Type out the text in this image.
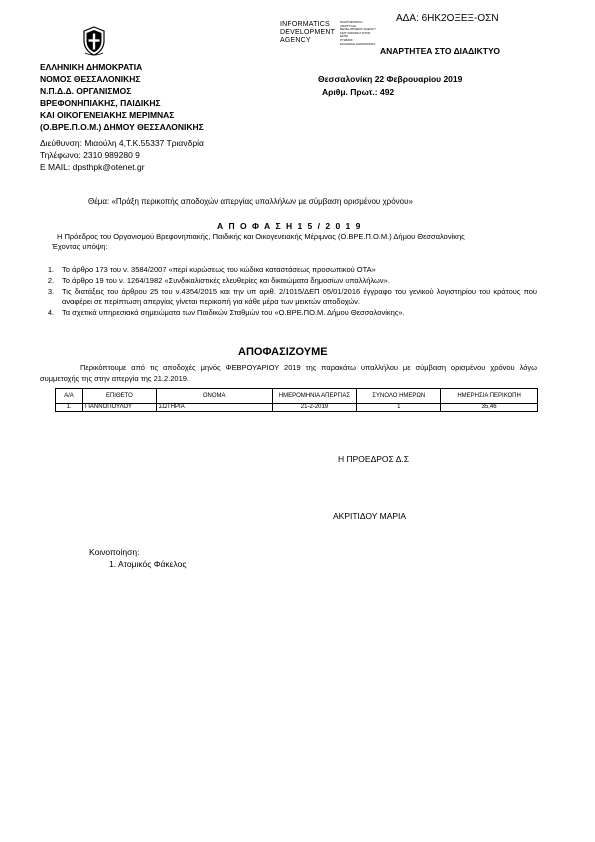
ΑΔΑ: 6ΗΚ2ΟΞΕΞ-ΟΣΝ
INFORMATICS
DEVELOPMENT
AGENCY
ΠΛΗΡΟΦΟΡΙΚΗ
ΑΝΑΠΤΥΞΗ
DEVELOPMENT AGENCY
ΣΔΙΤ 2016/2017 ΕΤΟΣ
ΕΣΠΑ
ΡΥΘΜΟΣ
ΕΛΛΗΝΙΚΗ ΔΗΜΟΚΡΑΤΙΑ
ΑΝΑΡΤΗΤΕΑ ΣΤΟ ΔΙΑΔΙΚΤΥΟ
ΕΛΛΗΝΙΚΗ ΔΗΜΟΚΡΑΤΙΑ
ΝΟΜΟΣ ΘΕΣΣΑΛΟΝΙΚΗΣ
Ν.Π.Δ.Δ. ΟΡΓΑΝΙΣΜΟΣ
ΒΡΕΦΟΝΗΠΙΑΚΗΣ, ΠΑΙΔΙΚΗΣ
ΚΑΙ ΟΙΚΟΓΕΝΕΙΑΚΗΣ ΜΕΡΙΜΝΑΣ
(Ο.ΒΡΕ.Π.Ο.Μ.) ΔΗΜΟΥ ΘΕΣΣΑΛΟΝΙΚΗΣ
Διεύθυνση: Μιαούλη 4,Τ.Κ.55337 Τριανδρία
Τηλέφωνο: 2310 989280 9
E MAIL: dpsthpk@otenet.gr
Θεσσαλονίκη 22 Φεβρουαρίου 2019
Αριθμ. Πρωτ.: 492
Θέμα: «Πράξη περικοπής αποδοχών απεργίας υπαλλήλων με σύμβαση ορισμένου χρόνου»
Α Π Ο Φ Α Σ Η 1 5 / 2 0 1 9
Η Πρόεδρος του Οργανισμού Βρεφονηπιακής, Παιδικής και Οικογενειακής Μέριμνας (Ο.ΒΡΕ.Π.Ο.Μ.) Δήμου Θεσσαλονίκης
Έχοντας υπόψη:
1.	Το άρθρο 173 του ν. 3584/2007 «περί κυρώσεως του κώδικα καταστάσεως προσωπικού ΟΤΑ»
2.	Το άρθρο 19 του ν. 1264/1982 «Συνδικαλιστικές ελευθερίες και δικαιώματα δημοσίων υπαλλήλων».
3.	Τις διατάξεις του άρθρου 25 του ν.4354/2015 και την υπ αριθ. 2/1015/ΔΕΠ 05/01/2016 έγγραφο του γενικού λογιστηρίου του κράτους που αναφέρει σε περίπτωση απεργίας γίνεται περικοπή για κάθε μέρα των μεικτών αποδοχών.
4.	Τα σχετικά υπηρεσιακά σημειώματα των Παιδικών Σταθμών του «Ο.ΒΡΕ.ΠΟ.Μ. Δήμου Θεσσαλονίκης».
ΑΠΟΦΑΣΙΖΟΥΜΕ
Περικόπτουμε από τις αποδοχές μηνός ΦΕΒΡΟΥΑΡΙΟΥ 2019 της παρακάτω υπαλλήλου με σύμβαση ορισμένου χρόνου λόγω συμμετοχής της στην απεργία της 21.2.2019.
Α/Α	ΕΠΙΘΕΤΟ	ΟΝΟΜΑ	ΗΜΕΡΟΜΗΝΙΑ ΑΠΕΡΓΙΑΣ	ΣΥΝΟΛΟ ΗΜΕΡΩΝ	ΗΜΕΡΗΣΙΑ ΠΕΡΙΚΟΠΗ
1.	ΓΙΑΝΝΟΠΟΥΛΟΥ	ΣΩΤΗΡΙΑ	21-2-2019	1	35,46
Η ΠΡΟΕΔΡΟΣ Δ.Σ
ΑΚΡΙΤΙΔΟΥ ΜΑΡΙΑ
Κοινοποίηση:
1. Ατομικός Φάκελος
